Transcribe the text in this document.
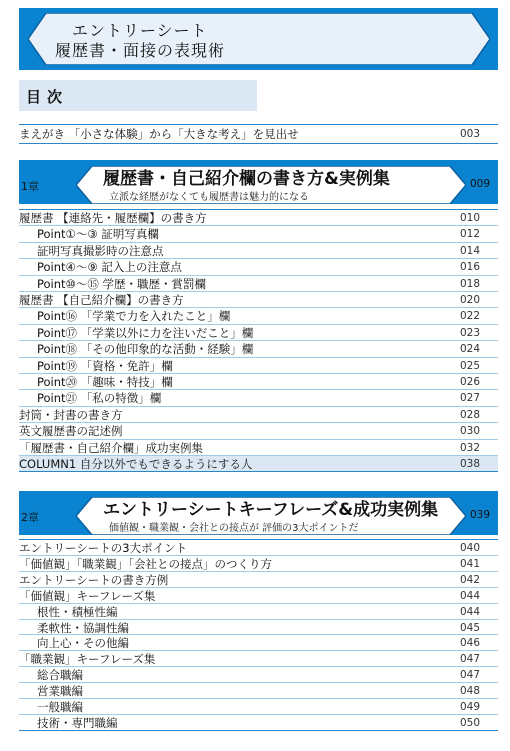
エントリーシート
履歴書・面接の表現術
目次
まえがき 「小さな体験」から「大きな考え」を見出せ	003
1章	履歴書・自己紹介欄の書き方&実例集
立派な経歴がなくても履歴書は魅力的になる
009
履歴書 【連絡先・履歴欄】の書き方	010
Point①〜③ 証明写真欄	012
証明写真撮影時の注意点	014
Point④〜⑨ 記入上の注意点	016
Point⑩〜⑮ 学歴・職歴・賞罰欄	018
履歴書 【自己紹介欄】の書き方	020
Point⑯ 「学業で力を入れたこと」欄	022
Point⑰ 「学業以外に力を注いだこと」欄	023
Point⑱ 「その他印象的な活動・経験」欄	024
Point⑲ 「資格・免許」欄	025
Point⑳ 「趣味・特技」欄	026
Point㉑ 「私の特徴」欄	027
封筒・封書の書き方	028
英文履歴書の記述例	030
「履歴書・自己紹介欄」成功実例集	032
COLUMN1 自分以外でもできるようにする人	038
2章	エントリーシートキーフレーズ&成功実例集
価値観・職業観・会社との接点が 評価の3大ポイントだ
039
エントリーシートの3大ポイント	040
「価値観」「職業観」「会社との接点」のつくり方	041
エントリーシートの書き方例	042
「価値観」キーフレーズ集	044
根性・積極性編	044
柔軟性・協調性編	045
向上心・その他編	046
「職業観」キーフレーズ集	047
総合職編	047
営業職編	048
一般職編	049
技術・専門職編	050
